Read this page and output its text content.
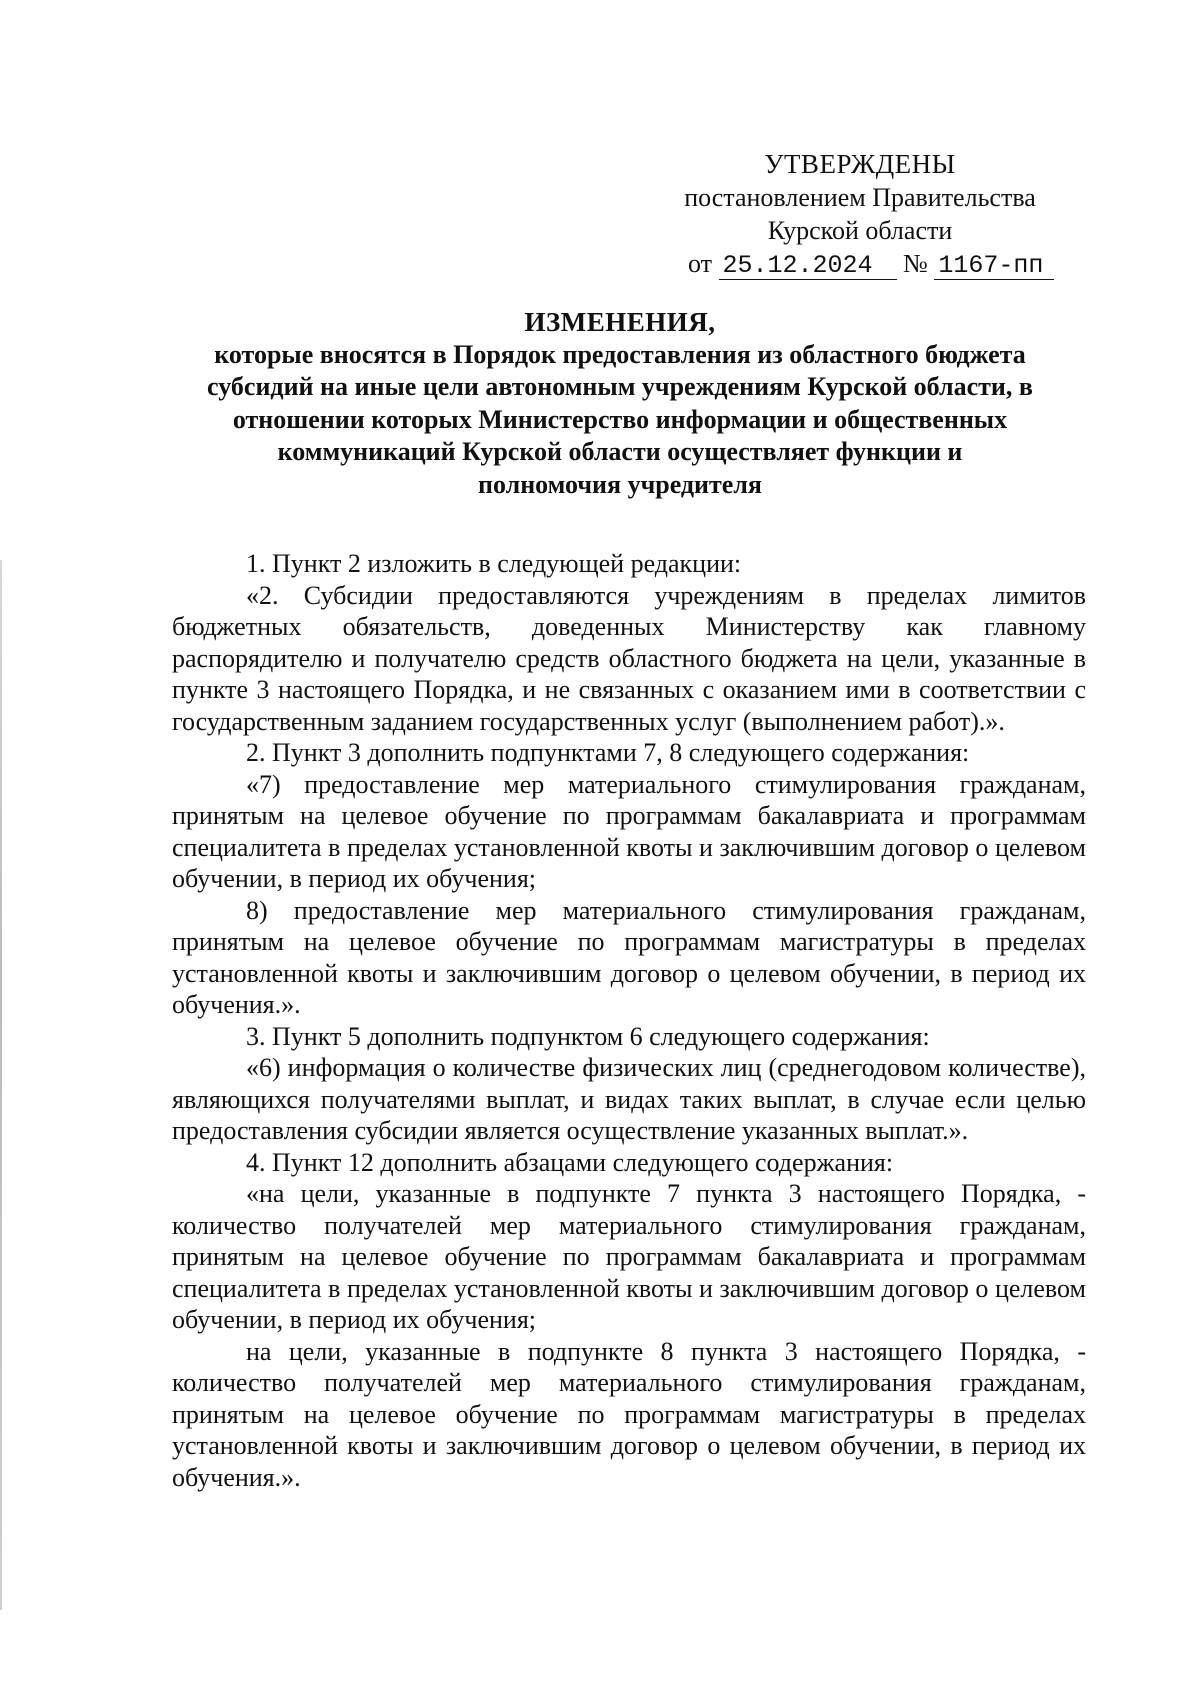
УТВЕРЖДЕНЫ
постановлением Правительства
Курской области
от 25.12.2024 № 1167-пп
ИЗМЕНЕНИЯ,
которые вносятся в Порядок предоставления из областного бюджета
субсидий на иные цели автономным учреждениям Курской области, в
отношении которых Министерство информации и общественных
коммуникаций Курской области осуществляет функции и
полномочия учредителя

1. Пункт 2 изложить в следующей редакции:

«2. Субсидии предоставляются учреждениям в пределах лимитов бюджетных обязательств, доведенных Министерству как главному распорядителю и получателю средств областного бюджета на цели, указанные в пункте 3 настоящего Порядка, и не связанных с оказанием ими в соответствии с государственным заданием государственных услуг (выполнением работ).».

2. Пункт 3 дополнить подпунктами 7, 8 следующего содержания:

«7) предоставление мер материального стимулирования гражданам, принятым на целевое обучение по программам бакалавриата и программам специалитета в пределах установленной квоты и заключившим договор о целевом обучении, в период их обучения;

8) предоставление мер материального стимулирования гражданам, принятым на целевое обучение по программам магистратуры в пределах установленной квоты и заключившим договор о целевом обучении, в период их обучения.».

3. Пункт 5 дополнить подпунктом 6 следующего содержания:

«6) информация о количестве физических лиц (среднегодовом количестве), являющихся получателями выплат, и видах таких выплат, в случае если целью предоставления субсидии является осуществление указанных выплат.».

4. Пункт 12 дополнить абзацами следующего содержания:

«на цели, указанные в подпункте 7 пункта 3 настоящего Порядка, - количество получателей мер материального стимулирования гражданам, принятым на целевое обучение по программам бакалавриата и программам специалитета в пределах установленной квоты и заключившим договор о целевом обучении, в период их обучения;

на цели, указанные в подпункте 8 пункта 3 настоящего Порядка, - количество получателей мер материального стимулирования гражданам, принятым на целевое обучение по программам магистратуры в пределах установленной квоты и заключившим договор о целевом обучении, в период их обучения.».
